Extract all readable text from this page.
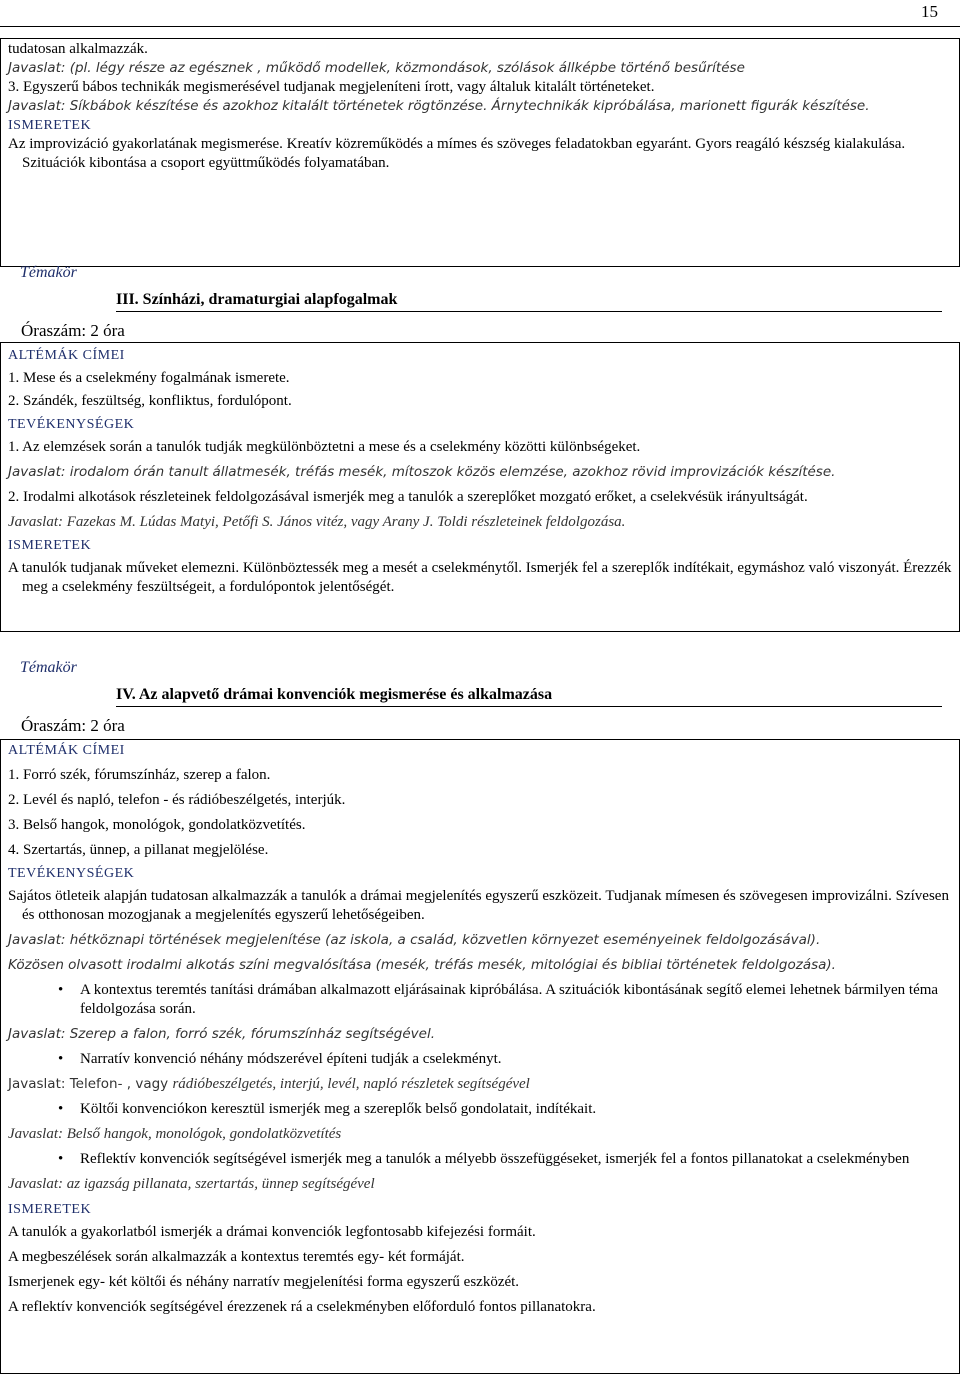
15

tudatosan alkalmazzák.

Javaslat: (pl. légy része az egésznek , működő modellek, közmondások, szólások állképbe történő besűrítése

3. Egyszerű bábos technikák megismerésével tudjanak megjeleníteni írott, vagy általuk kitalált történeteket.

Javaslat: Síkbábok készítése és azokhoz kitalált történetek rögtönzése. Árnytechnikák kipróbálása, marionett figurák készítése.

ISMERETEK

Az improvizáció gyakorlatának megismerése. Kreatív közreműködés a mímes és szöveges feladatokban egyaránt. Gyors reagáló készség kialakulása. Szituációk kibontása a csoport együttműködés folyamatában.

Témakör
III. Színházi, dramaturgiai alapfogalmak
Óraszám: 2 óra

ALTÉMÁK CÍMEI

1. Mese és a cselekmény fogalmának ismerete.

2. Szándék, feszültség, konfliktus, fordulópont.

TEVÉKENYSÉGEK

1. Az elemzések során a tanulók tudják megkülönböztetni a mese és a cselekmény közötti különbségeket.

Javaslat: irodalom órán tanult állatmesék, tréfás mesék, mítoszok közös elemzése, azokhoz rövid improvizációk készítése.

2. Irodalmi alkotások részleteinek feldolgozásával ismerjék meg a tanulók a szereplőket mozgató erőket, a cselekvésük irányultságát.

Javaslat: Fazekas M. Lúdas Matyi, Petőfi S. János vitéz, vagy Arany J. Toldi részleteinek feldolgozása.

ISMERETEK

A tanulók tudjanak műveket elemezni. Különböztessék meg a mesét a cselekménytől. Ismerjék fel a szereplők indítékait, egymáshoz való viszonyát. Érezzék meg a cselekmény feszültségeit, a fordulópontok jelentőségét.

Témakör
IV. Az alapvető drámai konvenciók megismerése és alkalmazása
Óraszám: 2 óra

ALTÉMÁK CÍMEI

1. Forró szék, fórumszínház, szerep a falon.

2. Levél és napló, telefon - és rádióbeszélgetés, interjúk.

3. Belső hangok, monológok, gondolatközvetítés.

4. Szertartás, ünnep, a pillanat megjelölése.

TEVÉKENYSÉGEK

Sajátos ötleteik alapján tudatosan alkalmazzák a tanulók a drámai megjelenítés egyszerű eszközeit. Tudjanak mímesen és szövegesen improvizálni. Szívesen és otthonosan mozogjanak a megjelenítés egyszerű lehetőségeiben.

Javaslat: hétköznapi történések megjelenítése (az iskola, a család, közvetlen környezet eseményeinek feldolgozásával).

Közösen olvasott irodalmi alkotás színi megvalósítása (mesék, tréfás mesék, mitológiai és bibliai történetek feldolgozása).

• A kontextus teremtés tanítási drámában alkalmazott eljárásainak kipróbálása. A szituációk kibontásának segítő elemei lehetnek bármilyen téma feldolgozása során.

Javaslat: Szerep a falon, forró szék, fórumszínház segítségével.

• Narratív konvenció néhány módszerével építeni tudják a cselekményt.

Javaslat: Telefon- , vagy rádióbeszélgetés, interjú, levél, napló részletek segítségével

• Költői konvenciókon keresztül ismerjék meg a szereplők belső gondolatait, indítékait.

Javaslat: Belső hangok, monológok, gondolatközvetítés

• Reflektív konvenciók segítségével ismerjék meg a tanulók a mélyebb összefüggéseket, ismerjék fel a fontos pillanatokat a cselekményben

Javaslat: az igazság pillanata, szertartás, ünnep segítségével

ISMERETEK

A tanulók a gyakorlatból ismerjék a drámai konvenciók legfontosabb kifejezési formáit.

A megbeszélések során alkalmazzák a kontextus teremtés egy- két formáját.

Ismerjenek egy- két költői és néhány narratív megjelenítési forma egyszerű eszközét.

A reflektív konvenciók segítségével érezzenek rá a cselekményben előforduló fontos pillanatokra.
